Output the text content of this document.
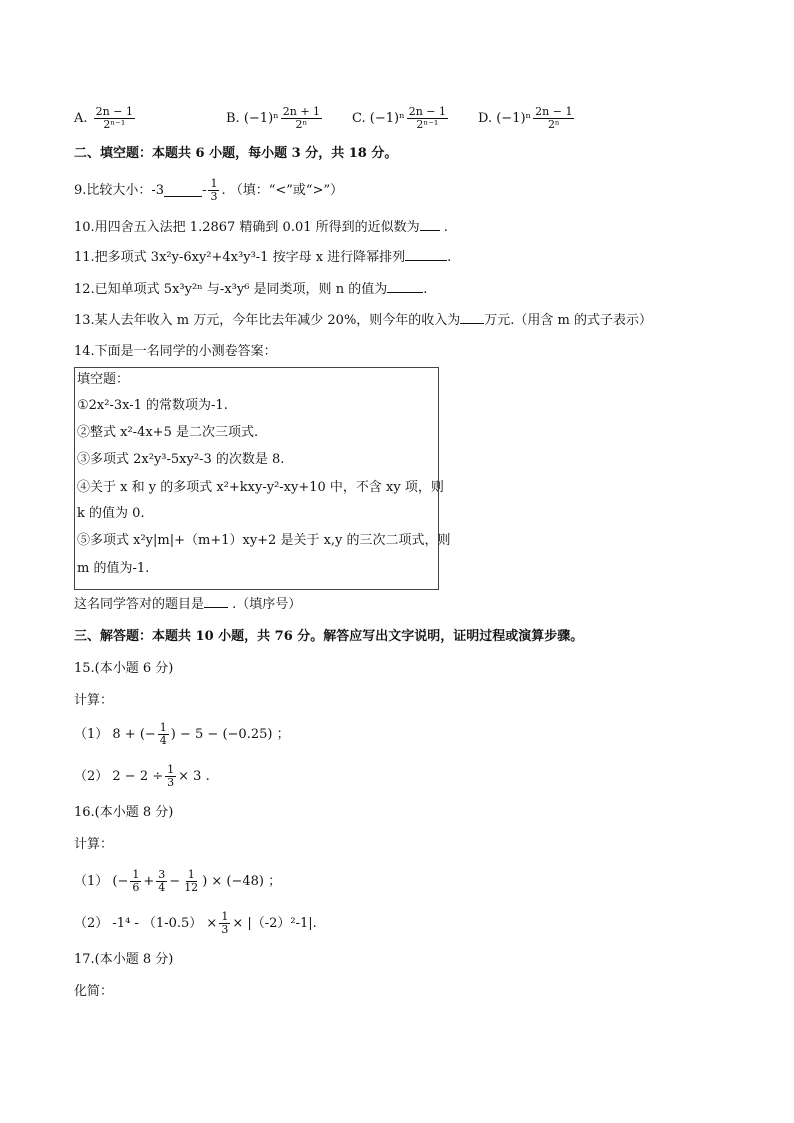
A.
$\frac{2n - 1}{\text{2ⁿ⁻¹}}$	B.
$(-1)^n \frac{2n + 1}{\text{2ⁿ}} C$.
$(-1)^n \frac{2n - 1}{\text{2ⁿ⁻¹}} D$.
$(-1)^n \frac{2n - 1}{\text{2ⁿ}}$
二、填空题：本题共 6 小题，每小题 3 分，共 18 分。
9.比较大小：-3	- $\frac{1}{3}$ . （填：“<”或“>”）
10.用四舍五入法把 1.2867 精确到 0.01 所得到的近似数为 .
11.把多项式 3x²y-6xy²+4x³y³-1 按字母 x 进行降幂排列	.
12.已知单项式 5x³y²ⁿ 与-x³y⁶ 是同类项，则 n 的值为	.
13.某人去年收入 m 万元，今年比去年减少 20%，则今年的收入为 万元.（用含 m 的式子表示）
14.下面是一名同学的小测卷答案：
填空题：
①2x²-3x-1 的常数项为-1.
②整式 x²-4x+5 是二次三项式.
③多项式 2x²y³-5xy²-3 的次数是 8.
④关于 x 和 y 的多项式 x²+kxy-y²-xy+10 中，不含 xy 项，则
k 的值为 0.
⑤多项式 x²y|m|+（m+1）xy+2 是关于 x,y 的三次二项式，则
m 的值为-1.
这名同学答对的题目是 .（填序号）
三、解答题：本题共 10 小题，共 76 分。解答应写出文字说明，证明过程或演算步骤。
15.(本小题 6 分)
计算：
（1） 8 + (− $\frac{1}{4}$ ) − 5 − (−0.25) ；
（2） $2 - 2 \div \frac{1}{3} \times 3$ .
16.(本小题 8 分)
计算：
（1） (− $\frac{1}{6} + \frac{3}{4} - \frac{1}{12}$ ) × (−48) ；
（2） $-1^4 - (1-0.5) \times \frac{1}{3} \times |(-2)^2-1|$.
17.(本小题 8 分)
化简：
